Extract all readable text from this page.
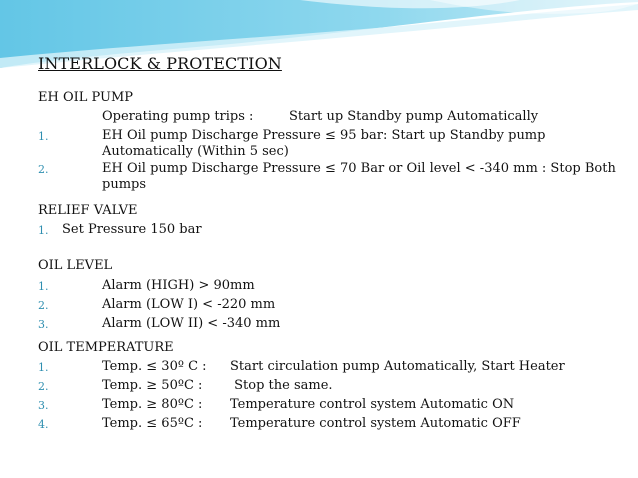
INTERLOCK & PROTECTION
EH OIL PUMP
Operating pump trips :	Start up Standby pump Automatically
1.	EH Oil pump Discharge Pressure ≤ 95 bar: Start up Standby pump
Automatically (Within 5 sec)
2.	EH Oil pump Discharge Pressure ≤ 70 Bar or Oil level < -340 mm : Stop Both
pumps
RELIEF VALVE
1. Set Pressure 150 bar
OIL LEVEL
1.	Alarm (HIGH) > 90mm
2.	Alarm (LOW I) < -220 mm
3.	Alarm (LOW II) < -340 mm
OIL TEMPERATURE
1.	Temp. ≤ 30º C : Start circulation pump Automatically, Start Heater
2.	Temp. ≥ 50ºC : Stop the same.
3.	Temp. ≥ 80ºC : Temperature control system Automatic ON
4.	Temp. ≤ 65ºC : Temperature control system Automatic OFF
